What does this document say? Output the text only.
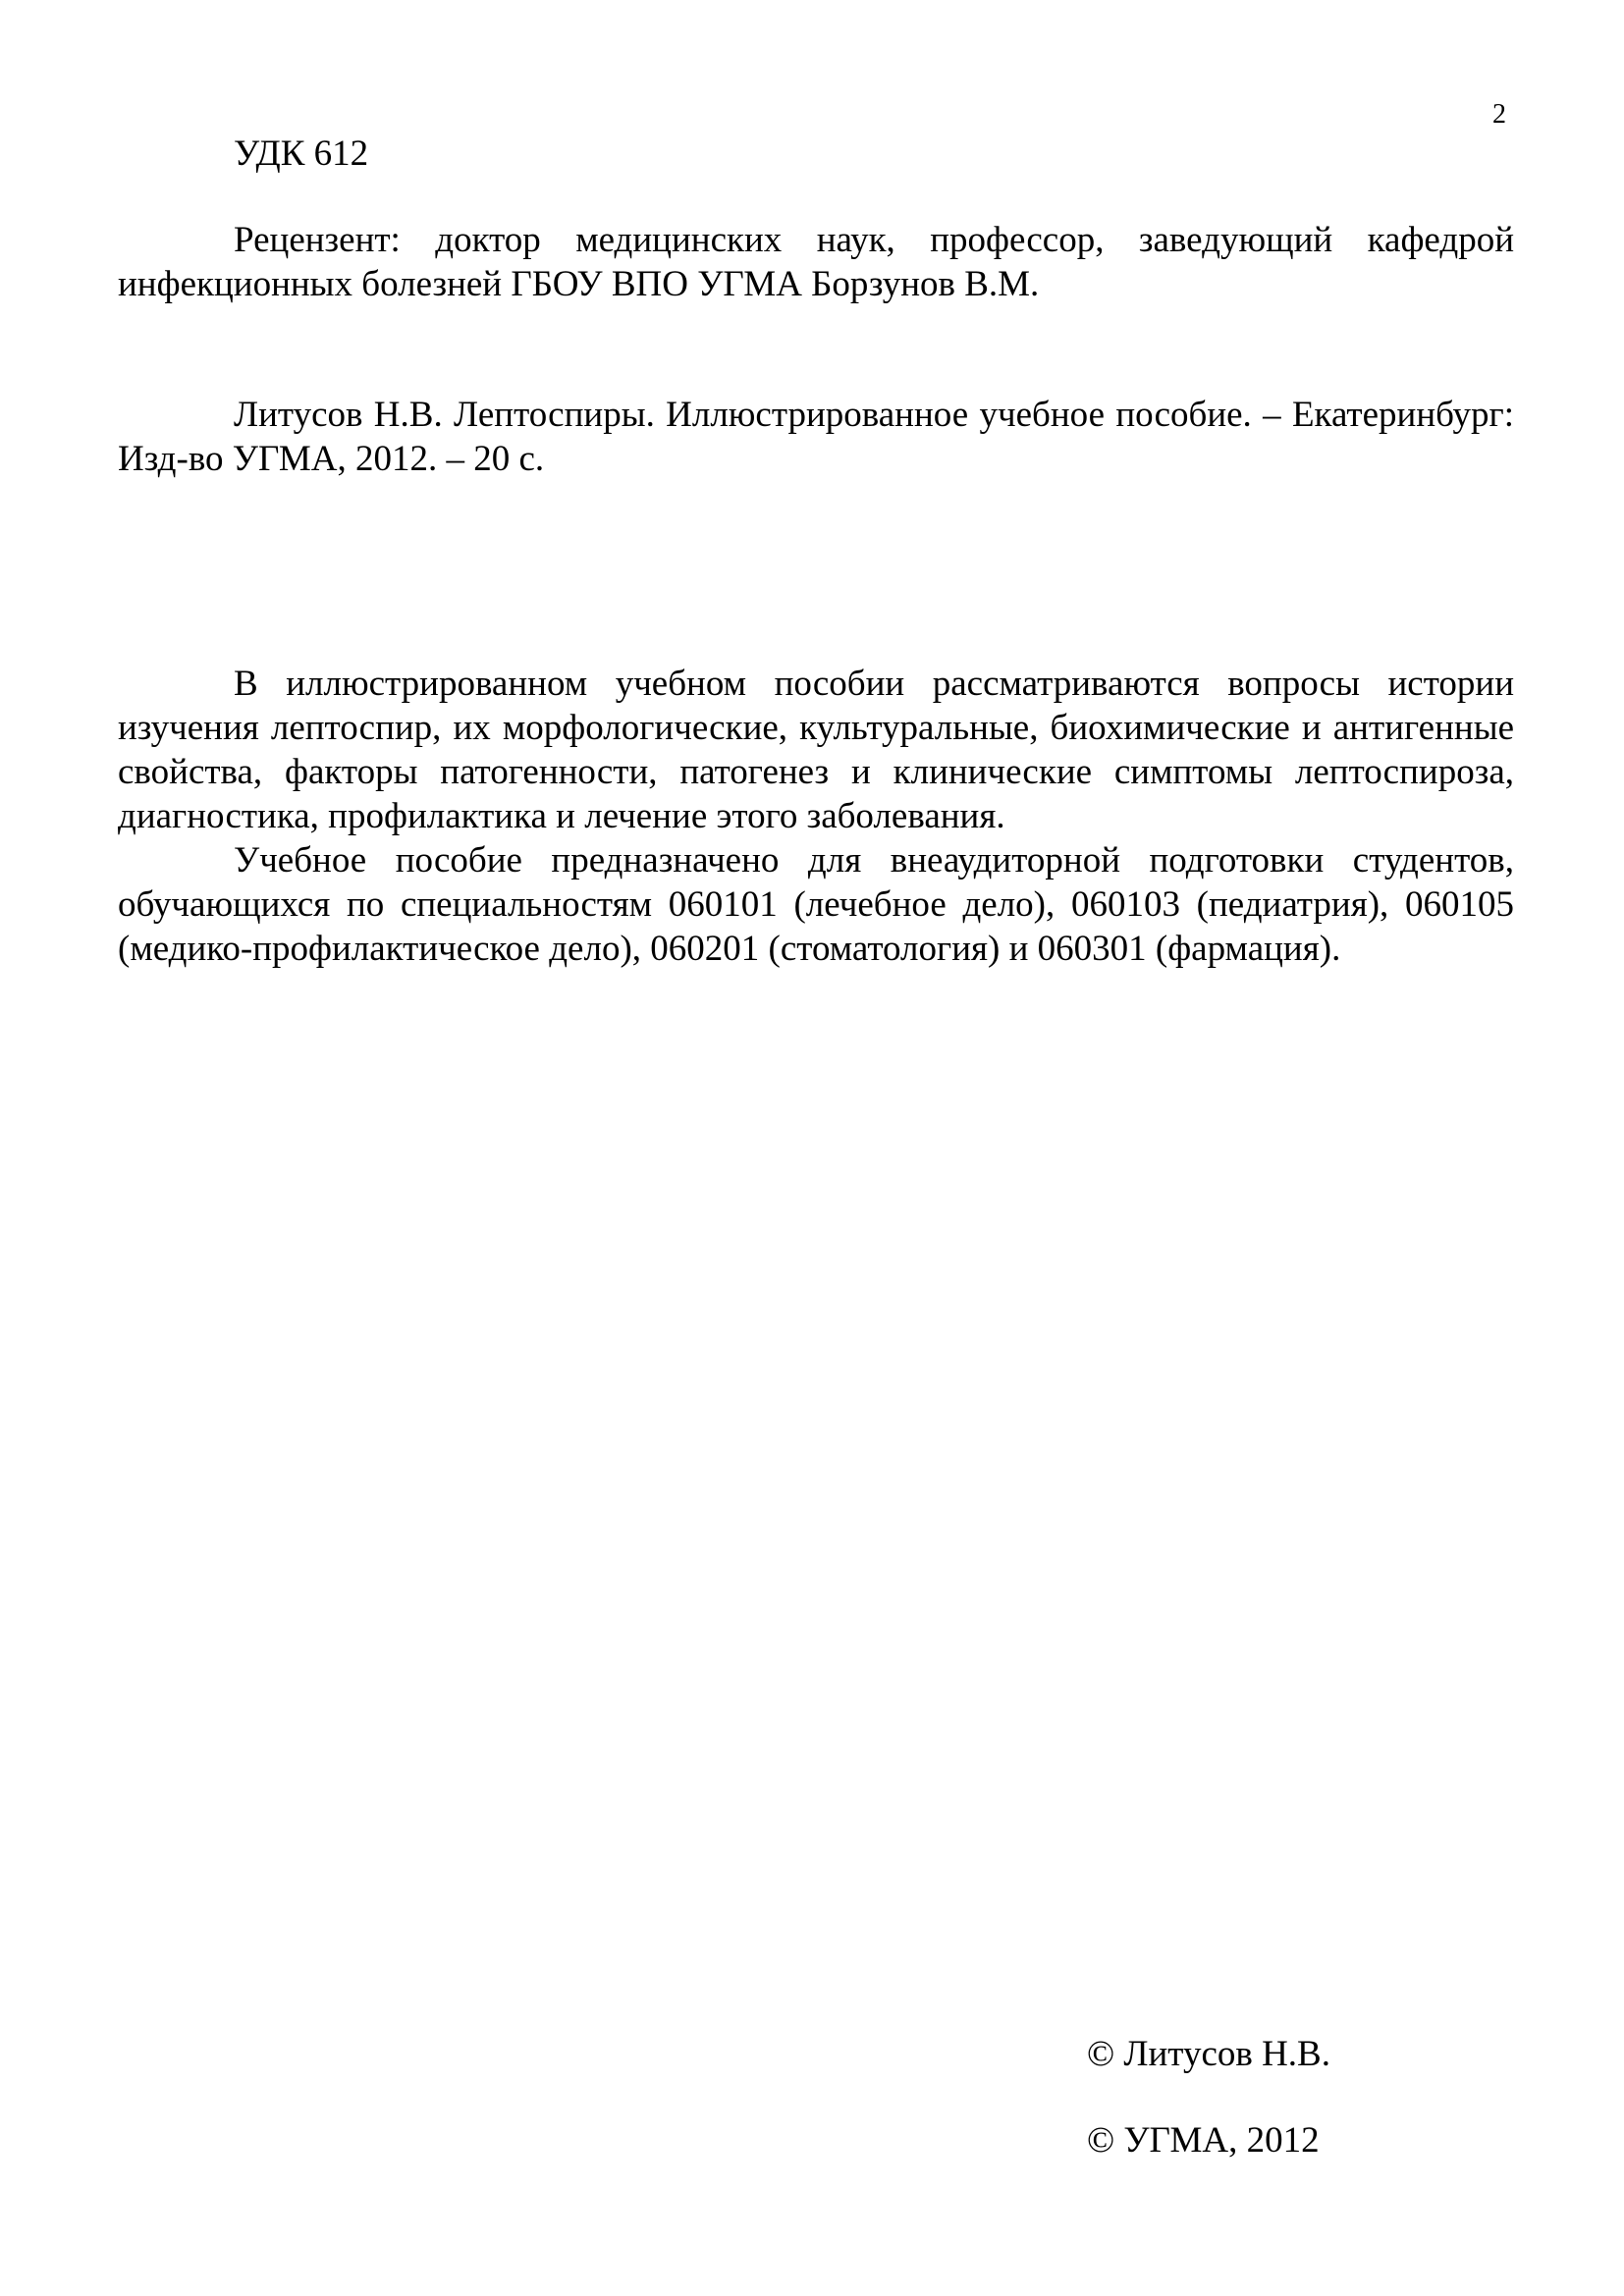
2
УДК 612

Рецензент: доктор медицинских наук, профессор, заведующий кафедрой инфекционных болезней ГБОУ ВПО УГМА Борзунов В.М.

Литусов Н.В. Лептоспиры. Иллюстрированное учебное пособие. – Екатеринбург: Изд-во УГМА, 2012. – 20 с.

В иллюстрированном учебном пособии рассматриваются вопросы истории изучения лептоспир, их морфологические, культуральные, биохимические и антигенные свойства, факторы патогенности, патогенез и клинические симптомы лептоспироза, диагностика, профилактика и лечение этого заболевания.

Учебное пособие предназначено для внеаудиторной подготовки студентов, обучающихся по специальностям 060101 (лечебное дело), 060103 (педиатрия), 060105 (медико-профилактическое дело), 060201 (стоматология) и 060301 (фармация).

© Литусов Н.В.
© УГМА, 2012
